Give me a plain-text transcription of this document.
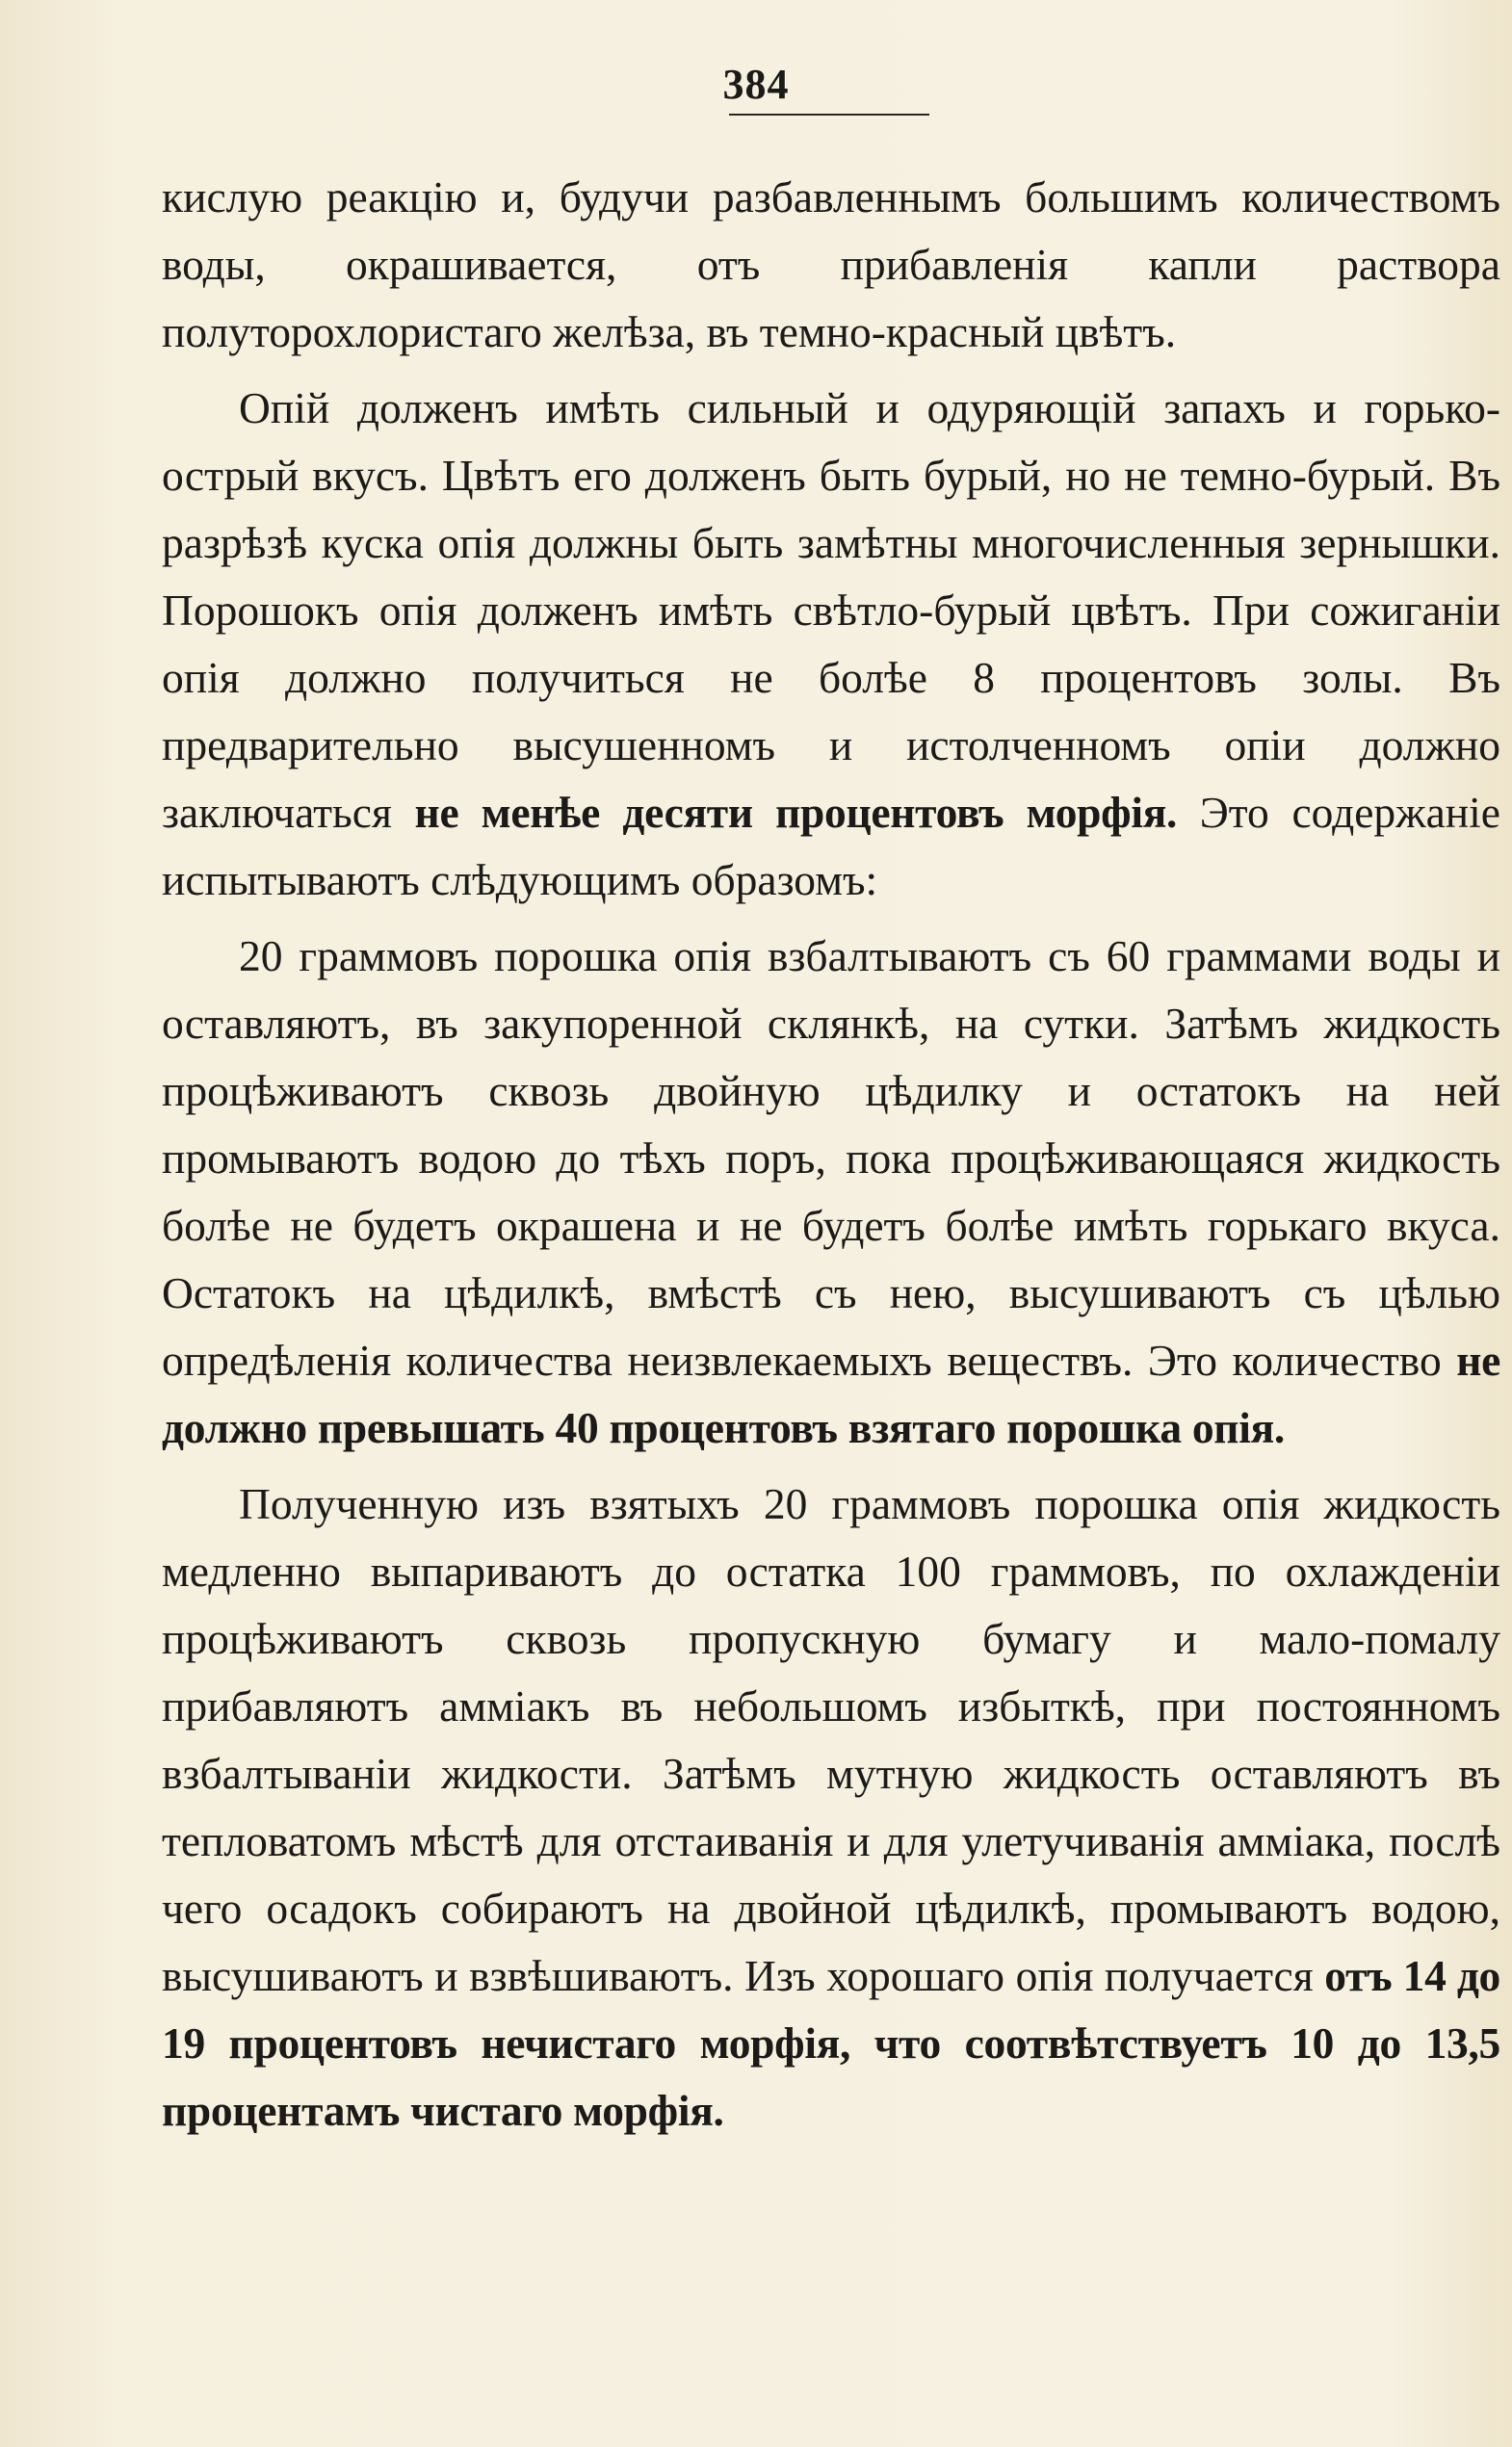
384

кислую реакцію и, будучи разбавленнымъ большимъ количествомъ воды, окрашивается, отъ прибавленія капли раствора полуторохлористаго желѣза, въ темно-красный цвѣтъ.

Опій долженъ имѣть сильный и одуряющій запахъ и горько-острый вкусъ. Цвѣтъ его долженъ быть бурый, но не темно-бурый. Въ разрѣзѣ куска опія должны быть замѣтны многочисленныя зернышки. Порошокъ опія долженъ имѣть свѣтло-бурый цвѣтъ. При сожиганіи опія должно получиться не болѣе 8 процентовъ золы. Въ предварительно высушенномъ и истолченномъ опіи должно заключаться не менѣе десяти процентовъ морфія. Это содержаніе испытываютъ слѣдующимъ образомъ:

20 граммовъ порошка опія взбалтываютъ съ 60 граммами воды и оставляютъ, въ закупоренной склянкѣ, на сутки. Затѣмъ жидкость процѣживаютъ сквозь двойную цѣдилку и остатокъ на ней промываютъ водою до тѣхъ поръ, пока процѣживающаяся жидкость болѣе не будетъ окрашена и не будетъ болѣе имѣть горькаго вкуса. Остатокъ на цѣдилкѣ, вмѣстѣ съ нею, высушиваютъ съ цѣлью опредѣленія количества неизвлекаемыхъ веществъ. Это количество не должно превышать 40 процентовъ взятаго порошка опія.

Полученную изъ взятыхъ 20 граммовъ порошка опія жидкость медленно выпариваютъ до остатка 100 граммовъ, по охлажденіи процѣживаютъ сквозь пропускную бумагу и мало-помалу прибавляютъ амміакъ въ небольшомъ избыткѣ, при постоянномъ взбалтываніи жидкости. Затѣмъ мутную жидкость оставляютъ въ тепловатомъ мѣстѣ для отстаиванія и для улетучиванія амміака, послѣ чего осадокъ собираютъ на двойной цѣдилкѣ, промываютъ водою, высушиваютъ и взвѣшиваютъ. Изъ хорошаго опія получается отъ 14 до 19 процентовъ нечистаго морфія, что соотвѣтствуетъ 10 до 13,5 процентамъ чистаго морфія.
